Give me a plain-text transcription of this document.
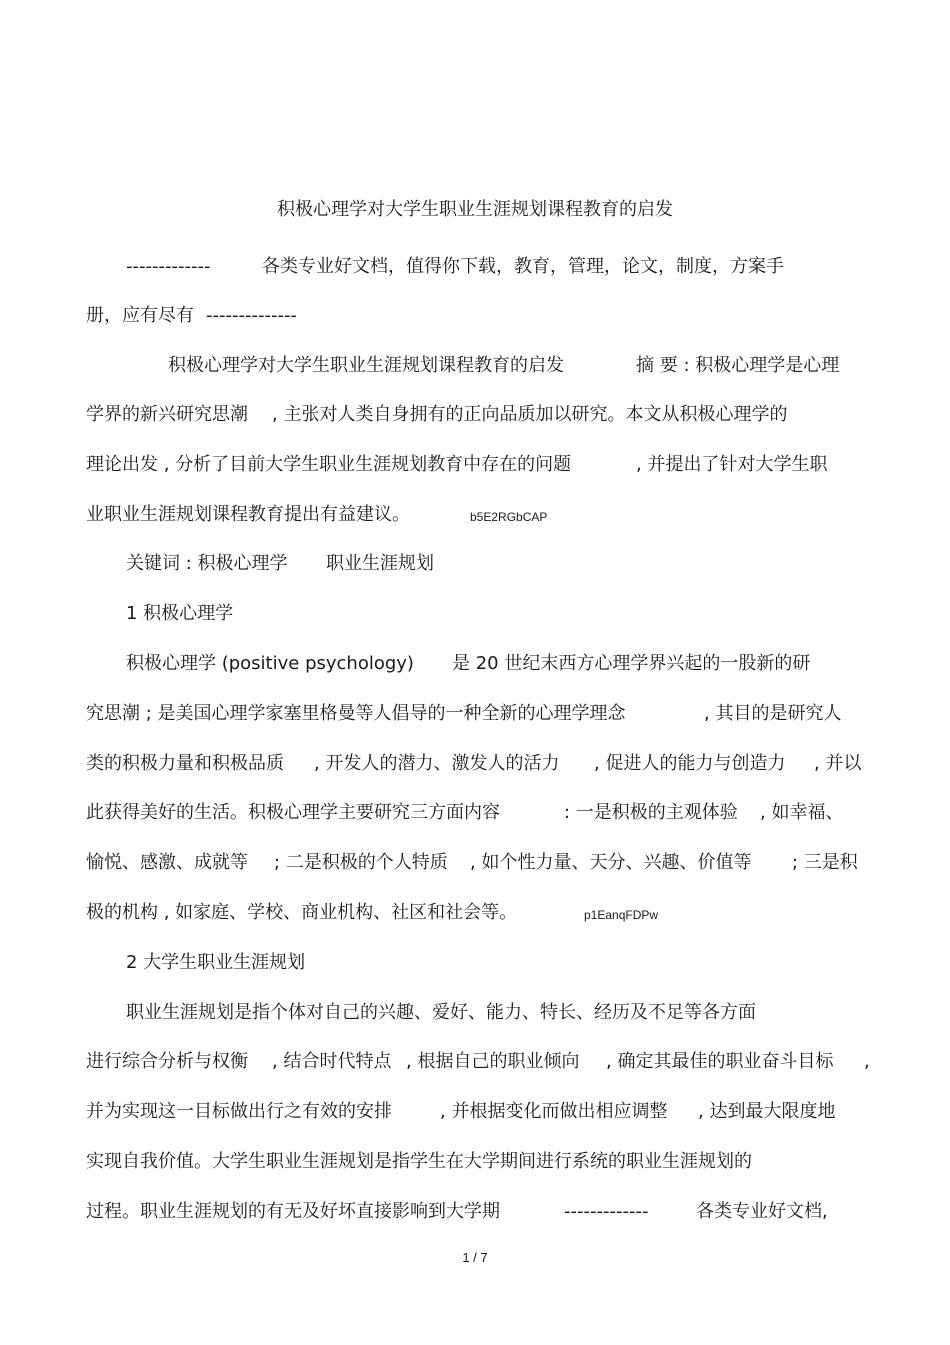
积极心理学对大学生职业生涯规划课程教育的启发
-------------	各类专业好文档，值得你下载，教育，管理，论文，制度，方案手
册，应有尽有 --------------
积极心理学对大学生职业生涯规划课程教育的启发	摘 要 : 积极心理学是心理
学界的新兴研究思潮 , 主张对人类自身拥有的正向品质加以研究。本文从积极心理学的
理论出发 , 分析了目前大学生职业生涯规划教育中存在的问题	, 并提出了针对大学生职
业职业生涯规划课程教育提出有益建议。	b5E2RGbCAP
关键词 : 积极心理学 职业生涯规划
1 积极心理学
积极心理学 (positive psychology) 是 20 世纪末西方心理学界兴起的一股新的研
究思潮 ; 是美国心理学家塞里格曼等人倡导的一种全新的心理学理念	, 其目的是研究人
类的积极力量和积极品质 , 开发人的潜力、激发人的活力 , 促进人的能力与创造力 , 并以
此获得美好的生活。积极心理学主要研究三方面内容	: 一是积极的主观体验 , 如幸福、
愉悦、感激、成就等 ; 二是积极的个人特质 , 如个性力量、天分、兴趣、价值等 ; 三是积
极的机构 , 如家庭、学校、商业机构、社区和社会等。	p1EanqFDPw
2 大学生职业生涯规划
职业生涯规划是指个体对自己的兴趣、爱好、能力、特长、经历及不足等各方面
进行综合分析与权衡 , 结合时代特点 , 根据自己的职业倾向 , 确定其最佳的职业奋斗目标 ,
并为实现这一目标做出行之有效的安排	, 并根据变化而做出相应调整 , 达到最大限度地
实现自我价值。大学生职业生涯规划是指学生在大学期间进行系统的职业生涯规划的
过程。职业生涯规划的有无及好坏直接影响到大学期	-------------	各类专业好文档,
1 / 7
